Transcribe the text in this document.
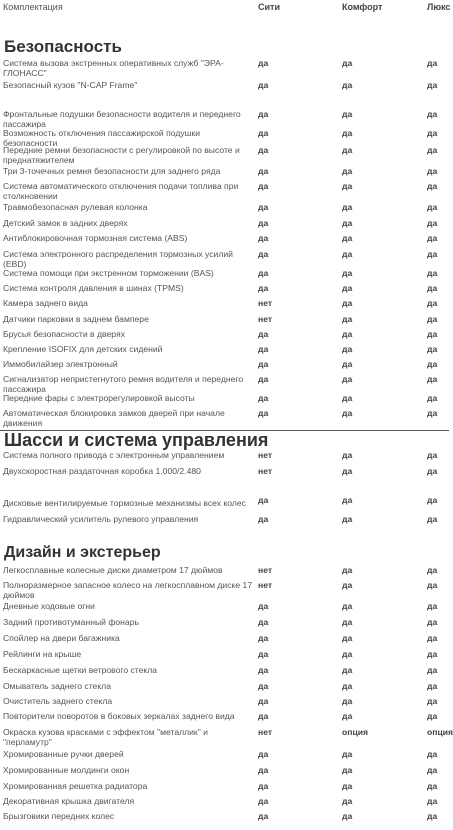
Комплектация	Сити	Комфорт	Люкс
Безопасность
Шасси и система управления
Дизайн и экстерьер
Система вызова экстренных оперативных служб "ЭРА-ГЛОНАСС"
да	да	да
Безопасный кузов "N-CAP Frame"	да	да	да
Фронтальные подушки безопасности водителя и переднего пассажира
да	да	да
Возможность отключения пассажирской подушки безопасности
да	да	да
Передние ремни безопасности с регулировкой по высоте и преднатяжителем
да	да	да
Три 3-точечных ремня безопасности для заднего ряда	да	да	да
Система автоматического отключения подачи топлива при столкновении
да	да	да
Травмобезопасная рулевая колонка	да	да	да
Детский замок в задних дверях	да	да	да
Антиблокировочная тормозная система (ABS)	да	да	да
Система электронного распределения тормозных усилий (EBD)
да	да	да
Система помощи при экстренном торможении (BAS)	да	да	да
Система контроля давления в шинах (TPMS)	да	да	да
Камера заднего вида	нет	да	да
Датчики парковки в заднем бампере	нет	да	да
Брусья безопасности в дверях	да	да	да
Крепление ISOFIX для детских сидений	да	да	да
Иммобилайзер электронный	да	да	да
Сигнализатор непристегнутого ремня водителя и переднего пассажира
да	да	да
Передние фары с электрорегулировкой высоты	да	да	да
Автоматическая блокировка замков дверей при начале движения
да	да	да
Система полного привода с электронным управлением	нет	да	да
Двухскоростная раздаточная коробка 1.000/2.480	нет	да	да
Дисковые вентилируемые тормозные механизмы всех колес	да	да	да
Гидравлический усилитель рулевого управления	да	да	да
Легкосплавные колесные диски диаметром 17 дюймов	нет	да	да
Полноразмерное запасное колесо на легкосплавном диске 17 дюймов
нет	да	да
Дневные ходовые огни	да	да	да
Задний противотуманный фонарь	да	да	да
Спойлер на двери багажника	да	да	да
Рейлинги на крыше	да	да	да
Бескаркасные щетки ветрового стекла	да	да	да
Омыватель заднего стекла	да	да	да
Очиститель заднего стекла	да	да	да
Повторители поворотов в боковых зеркалах заднего вида	да	да	да
Окраска кузова красками с эффектом "металлик" и "перламутр"
нет	опция	опция
Хромированные ручки дверей	да	да	да
Хромированные молдинги окон	да	да	да
Хромированная решетка радиатора	да	да	да
Декоративная крышка двигателя	да	да	да
Брызговики передних колес	да	да	да
